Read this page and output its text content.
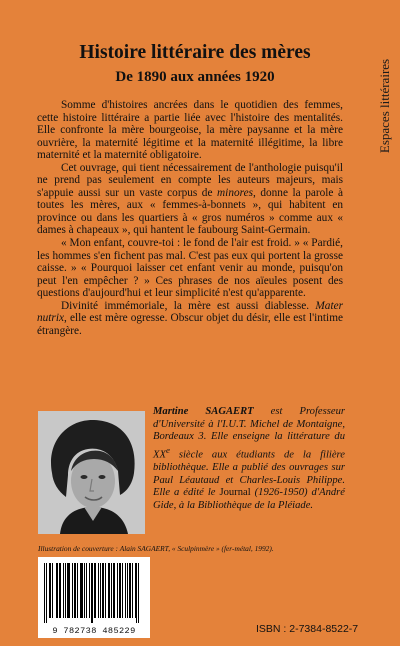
Espaces littéraires
Histoire littéraire des mères
De 1890 aux années 1920

Somme d'histoires ancrées dans le quotidien des femmes, cette histoire littéraire a partie liée avec l'histoire des mentalités. Elle confronte la mère bourgeoise, la mère paysanne et la mère ouvrière, la maternité légitime et la maternité illégitime, la libre maternité et la maternité obligatoire.

Cet ouvrage, qui tient nécessairement de l'anthologie puisqu'il ne prend pas seulement en compte les auteurs majeurs, mais s'appuie aussi sur un vaste corpus de minores, donne la parole à toutes les mères, aux « femmes-à-bonnets », qui habitent en province ou dans les quartiers à « gros numéros » comme aux « dames à chapeaux », qui hantent le faubourg Saint-Germain.

« Mon enfant, couvre-toi : le fond de l'air est froid. » « Pardié, les hommes s'en fichent pas mal. C'est pas eux qui portent la grosse caisse. » « Pourquoi laisser cet enfant venir au monde, puisqu'on peut l'en empêcher ? » Ces phrases de nos aïeules posent des questions d'aujourd'hui et leur simplicité n'est qu'apparente.

Divinité immémoriale, la mère est aussi diablesse. Mater nutrix, elle est mère ogresse. Obscur objet du désir, elle est l'intime étrangère.

Martine SAGAERT est Professeur d'Université à l'I.U.T. Michel de Montaigne, Bordeaux 3. Elle enseigne la littérature du XXe siècle aux étudiants de la filière bibliothèque. Elle a publié des ouvrages sur Paul Léautaud et Charles-Louis Philippe. Elle a édité le Journal (1926-1950) d'André Gide, à la Bibliothèque de la Pléiade.
Illustration de couverture : Alain SAGAERT, « Sculpinmère » (fer-métal, 1992).
9 782738 485229	ISBN : 2-7384-8522-7
